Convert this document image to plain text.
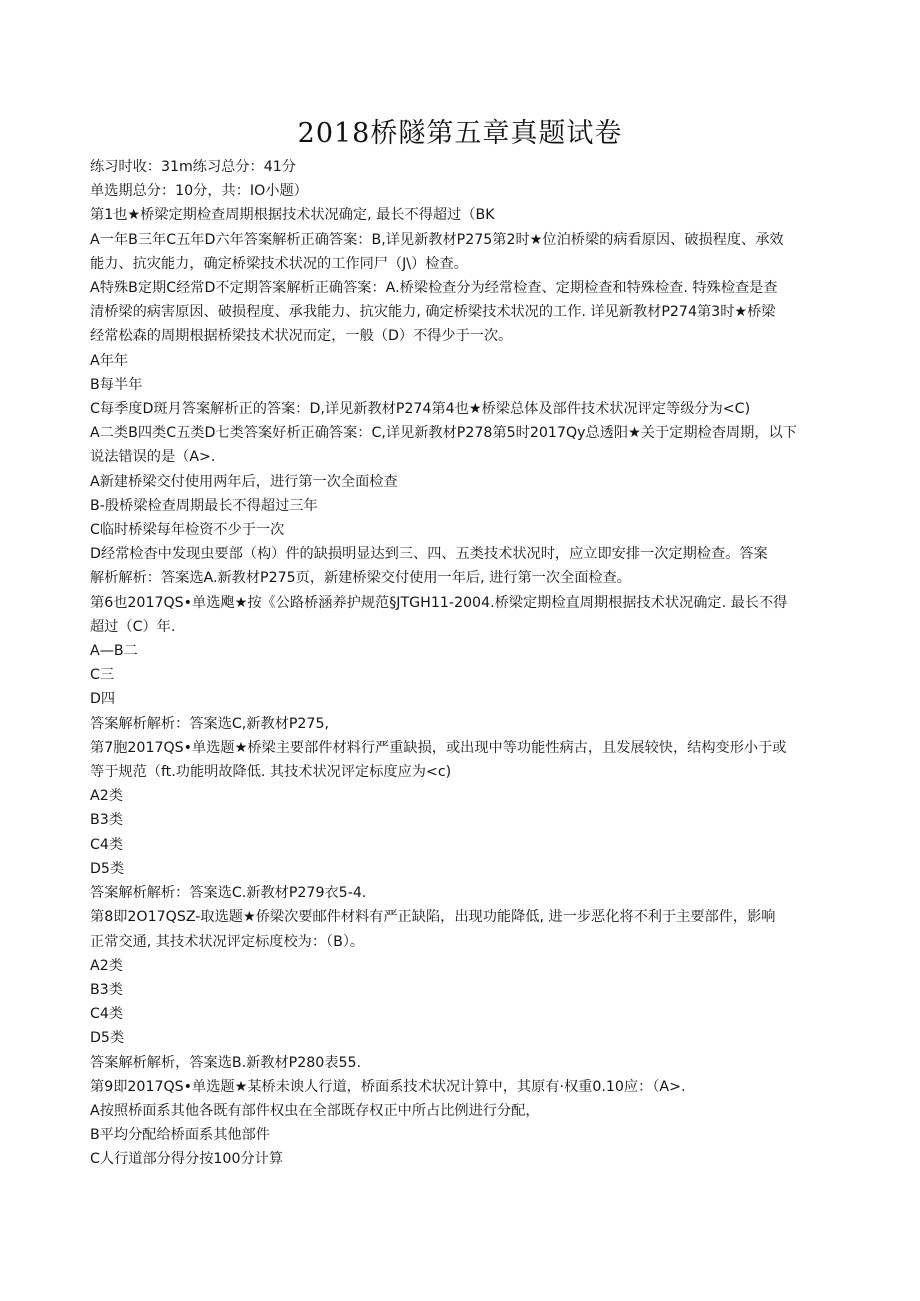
2018桥隧第五章真题试卷

练习时收：31m练习总分：41分

单选期总分：10分，共：IO小题）

第1也★桥梁定期检查周期根据技术状况确定, 最长不得超过（BK

A一年B三年C五年D六年答案解析正确答案：B,详见新教材P275第2时★位泊桥梁的病看原因、破损程度、承效

能力、抗灾能力，确定桥梁技术状况的工作同尸（J\）检查。

A特殊B定期C经常D不定期答案解析正确答案：A.桥梁检查分为经常检查、定期检查和特殊检查. 特殊检查是查

清桥梁的病害原因、破损程度、承我能力、抗灾能力, 确定桥梁技术状况的工作. 详见新教材P274第3时★桥梁

经常松森的周期根据桥梁技术状况而定，一般（D）不得少于一次。

A年年

B每半年

C每季度D斑月答案解析正的答案：D,详见新教材P274第4也★桥梁总体及部件技术状况评定等级分为<C)

A二类B四类C五类D七类答案好析正确答案：C,详见新教材P278第5时2017Qy总透阳★关于定期检杳周期，以下

说法错误的是（A>.

A新建桥梁交付使用两年后，进行第一次全面检查

B-殷桥梁检查周期最长不得超过三年

C临时桥梁每年检资不少于一次

D经常检杳中发现虫要部（构）件的缺损明显达到三、四、五类技术状况时，应立即安排一次定期检查。答案

解析解析：答案选A.新教材P275页，新建桥梁交付使用一年后, 进行第一次全面检查。

第6也2017QS•单选飑★按《公路桥涵养护规范§JTGH11-2004.桥梁定期检直周期根据技术状况确定. 最长不得

超过（C）年.

A—B二

C三

D四

答案解析解析：答案选C,新教材P275,

第7胞2017QS•单选题★桥梁主要部件材料行严重缺损，或出现中等功能性病古，且发展较快，结构变形小于或

等于规范（ft.功能明故降低. 其技术状况评定标度应为<c)

A2类

B3类

C4类

D5类

答案解析解析：答案选C.新教材P279衣5-4.

第8即2O17QSZ-取选题★侨梁次要邮件材料有严正缺陷，出现功能降低, 进一步恶化将不利于主要部件，影响

正常交通, 其技术状况评定标度校为：（B）。

A2类

B3类

C4类

D5类

答案解析解析，答案选B.新教材P280表55.

第9即2017QS•单选题★某桥未谀人行道，桥面系技术状况计算中，其原有·权重0.10应：（A>.

A按照桥面系其他各既有部件权虫在全部既存权正中所占比例进行分配，

B平均分配给桥面系其他部件

C人行道部分得分按100分计算
